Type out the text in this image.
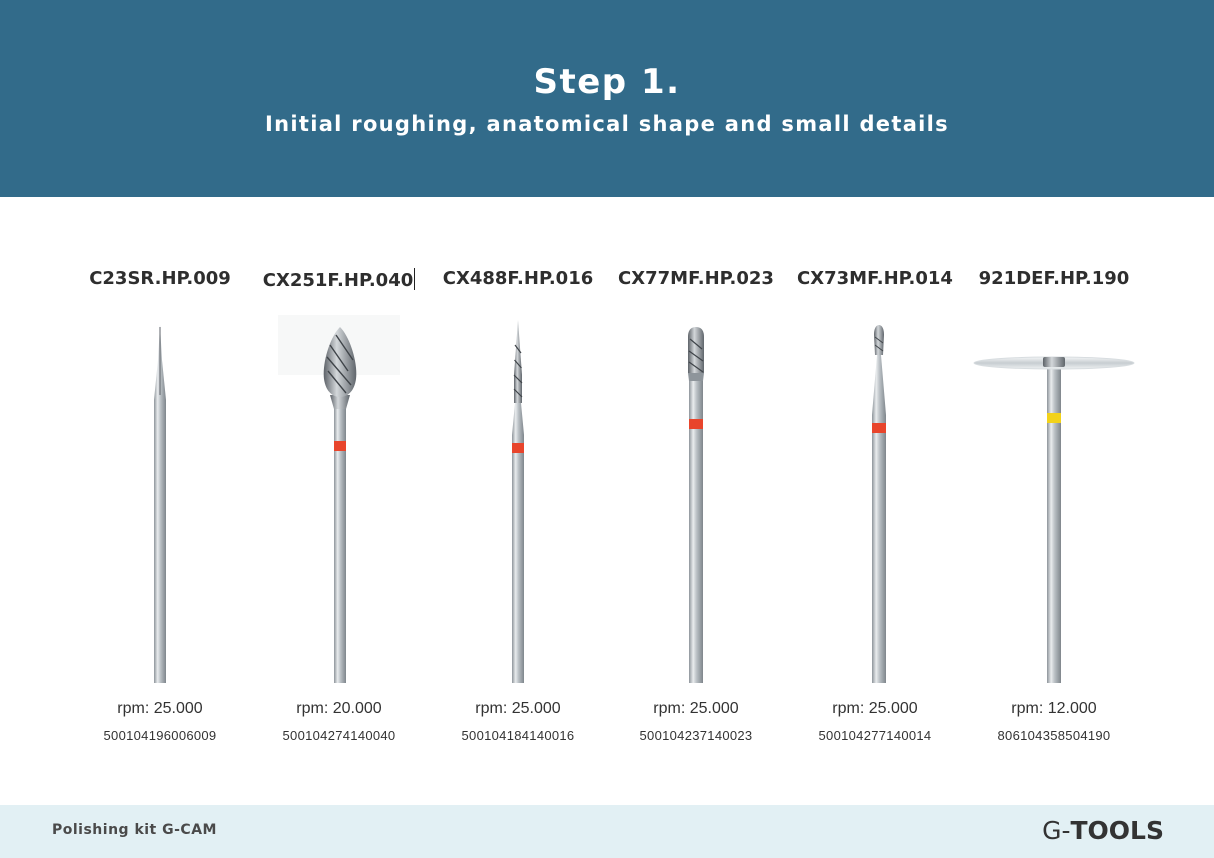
Step 1.
Initial roughing, anatomical shape and small details
C23SR.HP.009
rpm: 25.000
500104196006009
CX251F.HP.040
rpm: 20.000
500104274140040
CX488F.HP.016
rpm: 25.000
500104184140016
CX77MF.HP.023
rpm: 25.000
500104237140023
CX73MF.HP.014
rpm: 25.000
500104277140014
921DEF.HP.190
rpm: 12.000
806104358504190
Polishing kit G-CAM	G-TOOLS
